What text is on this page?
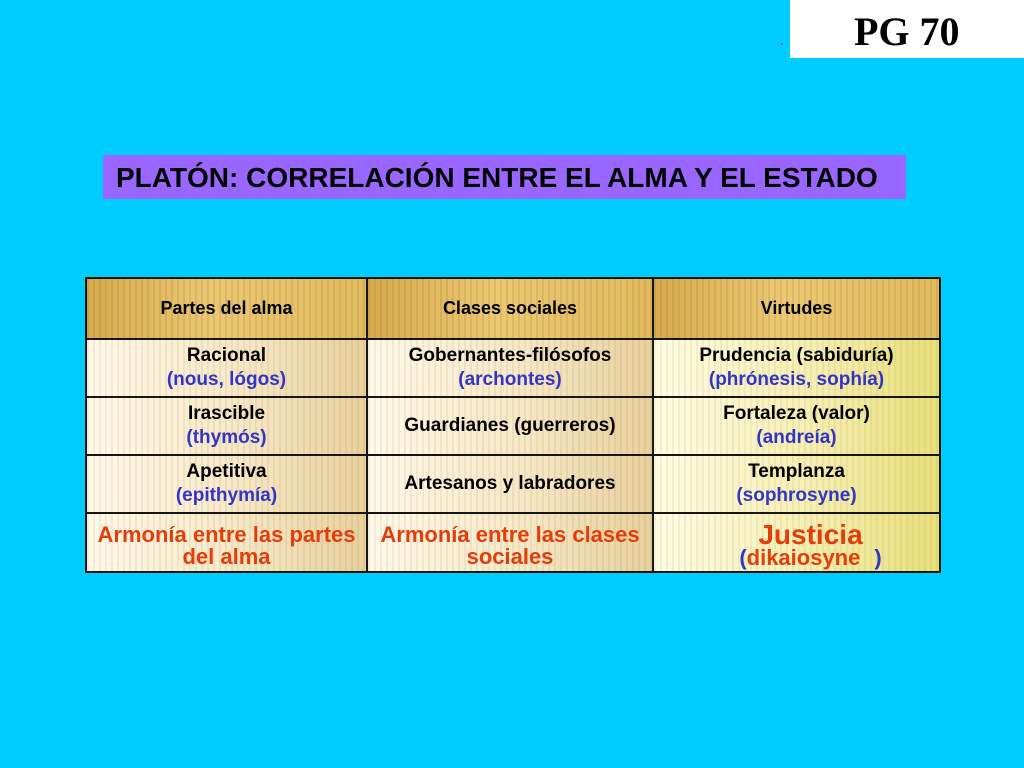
PG 70
-
PLATÓN: CORRELACIÓN ENTRE EL ALMA Y EL ESTADO
Partes del alma	Clases sociales	Virtudes
Racional
(nous, lógos)
Gobernantes-filósofos
(archontes)
Prudencia (sabiduría)
(phrónesis, sophía)
Irascible
(thymós)
Guardianes (guerreros)
Fortaleza (valor)
(andreía)
Apetitiva
(epithymía)
Artesanos y labradores
Templanza
(sophrosyne)
Armonía entre las partes
del alma
Armonía entre las clases
sociales
Justicia
(dikaiosyne )
